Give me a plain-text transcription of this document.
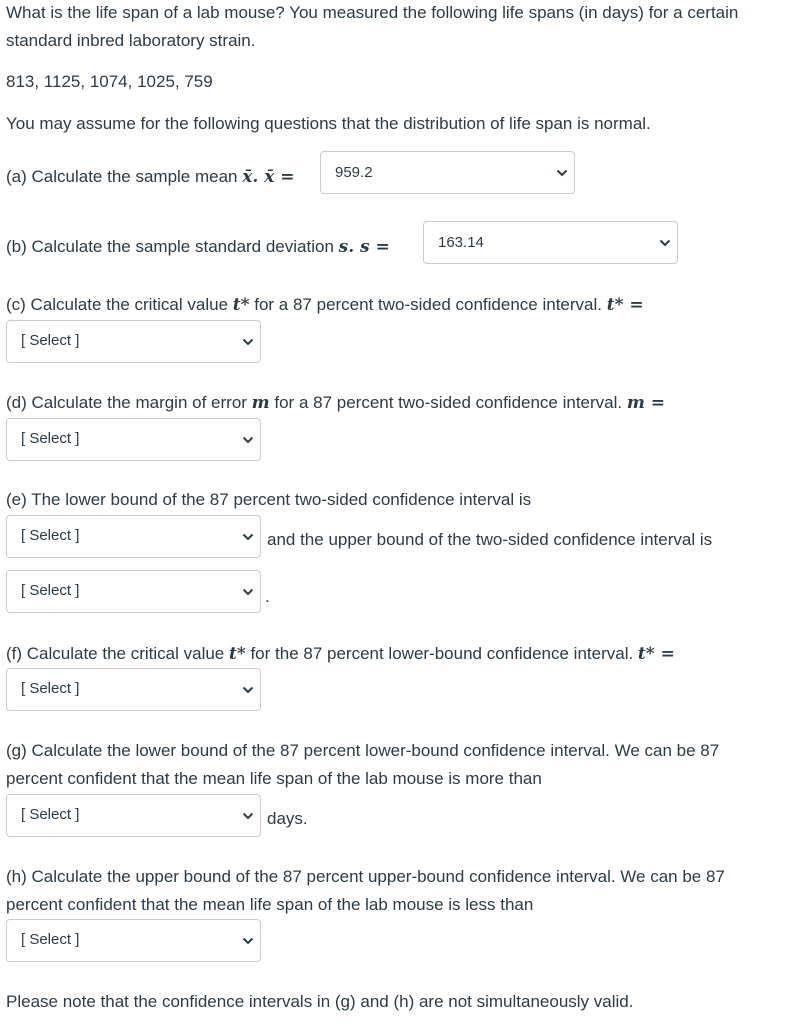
What is the life span of a lab mouse? You measured the following life spans (in days) for a certain
standard inbred laboratory strain.
813, 1125, 1074, 1025, 759
You may assume for the following questions that the distribution of life span is normal.
(a) Calculate the sample mean x̄. x̄ =	959.2
(b) Calculate the sample standard deviation s. s =	163.14
(c) Calculate the critical value t* for a 87 percent two-sided confidence interval. t* =
[ Select ]
(d) Calculate the margin of error m for a 87 percent two-sided confidence interval. m =
[ Select ]
(e) The lower bound of the 87 percent two-sided confidence interval is
[ Select ]	and the upper bound of the two-sided confidence interval is
[ Select ]	.
(f) Calculate the critical value t* for the 87 percent lower-bound confidence interval. t* =
[ Select ]
(g) Calculate the lower bound of the 87 percent lower-bound confidence interval. We can be 87
percent confident that the mean life span of the lab mouse is more than
[ Select ]	days.
(h) Calculate the upper bound of the 87 percent upper-bound confidence interval. We can be 87
percent confident that the mean life span of the lab mouse is less than
[ Select ]
Please note that the confidence intervals in (g) and (h) are not simultaneously valid.
